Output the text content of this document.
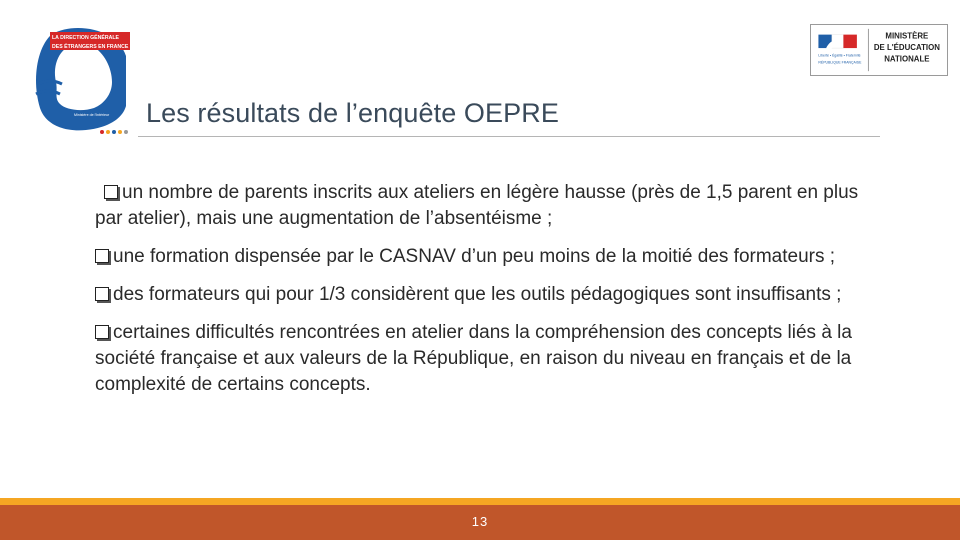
LA DIRECTION GÉNÉRALE
DES ÉTRANGERS EN FRANCE
Ministère de l'Intérieur
Liberté • Égalité • Fraternité
RÉPUBLIQUE FRANÇAISE
MINISTÈRE
DE L'ÉDUCATION
NATIONALE
Les résultats de l’enquête OEPRE

un nombre de parents inscrits aux ateliers en légère hausse (près de 1,5 parent en plus par atelier), mais une augmentation de l’absentéisme ;

une formation dispensée par le CASNAV d’un peu moins de la moitié des formateurs ;

des formateurs qui pour 1/3 considèrent que les outils pédagogiques sont insuffisants ;

certaines difficultés rencontrées en atelier dans la compréhension des concepts liés à la société française et aux valeurs de la République, en raison du niveau en français et de la complexité de certains concepts.

13
